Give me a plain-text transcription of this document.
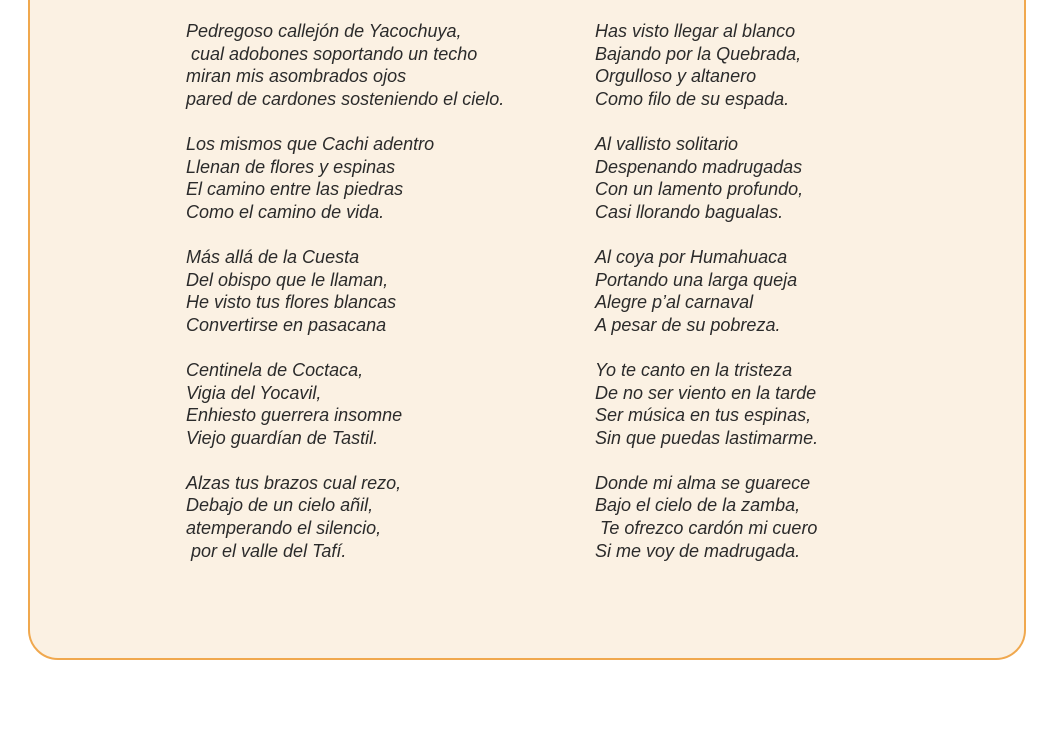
Pedregoso callejón de Yacochuya,
cual adobones soportando un techo
miran mis asombrados ojos
pared de cardones sosteniendo el cielo.
Los mismos que Cachi adentro
Llenan de flores y espinas
El camino entre las piedras
Como el camino de vida.
Más allá de la Cuesta
Del obispo que le llaman,
He visto tus flores blancas
Convertirse en pasacana
Centinela de Coctaca,
Vigia del Yocavil,
Enhiesto guerrera insomne
Viejo guardían de Tastil.
Alzas tus brazos cual rezo,
Debajo de un cielo añil,
atemperando el silencio,
por el valle del Tafí.
Has visto llegar al blanco
Bajando por la Quebrada,
Orgulloso y altanero
Como filo de su espada.
Al vallisto solitario
Despenando madrugadas
Con un lamento profundo,
Casi llorando bagualas.
Al coya por Humahuaca
Portando una larga queja
Alegre p’al carnaval
A pesar de su pobreza.
Yo te canto en la tristeza
De no ser viento en la tarde
Ser música en tus espinas,
Sin que puedas lastimarme.
Donde mi alma se guarece
Bajo el cielo de la zamba,
Te ofrezco cardón mi cuero
Si me voy de madrugada.
